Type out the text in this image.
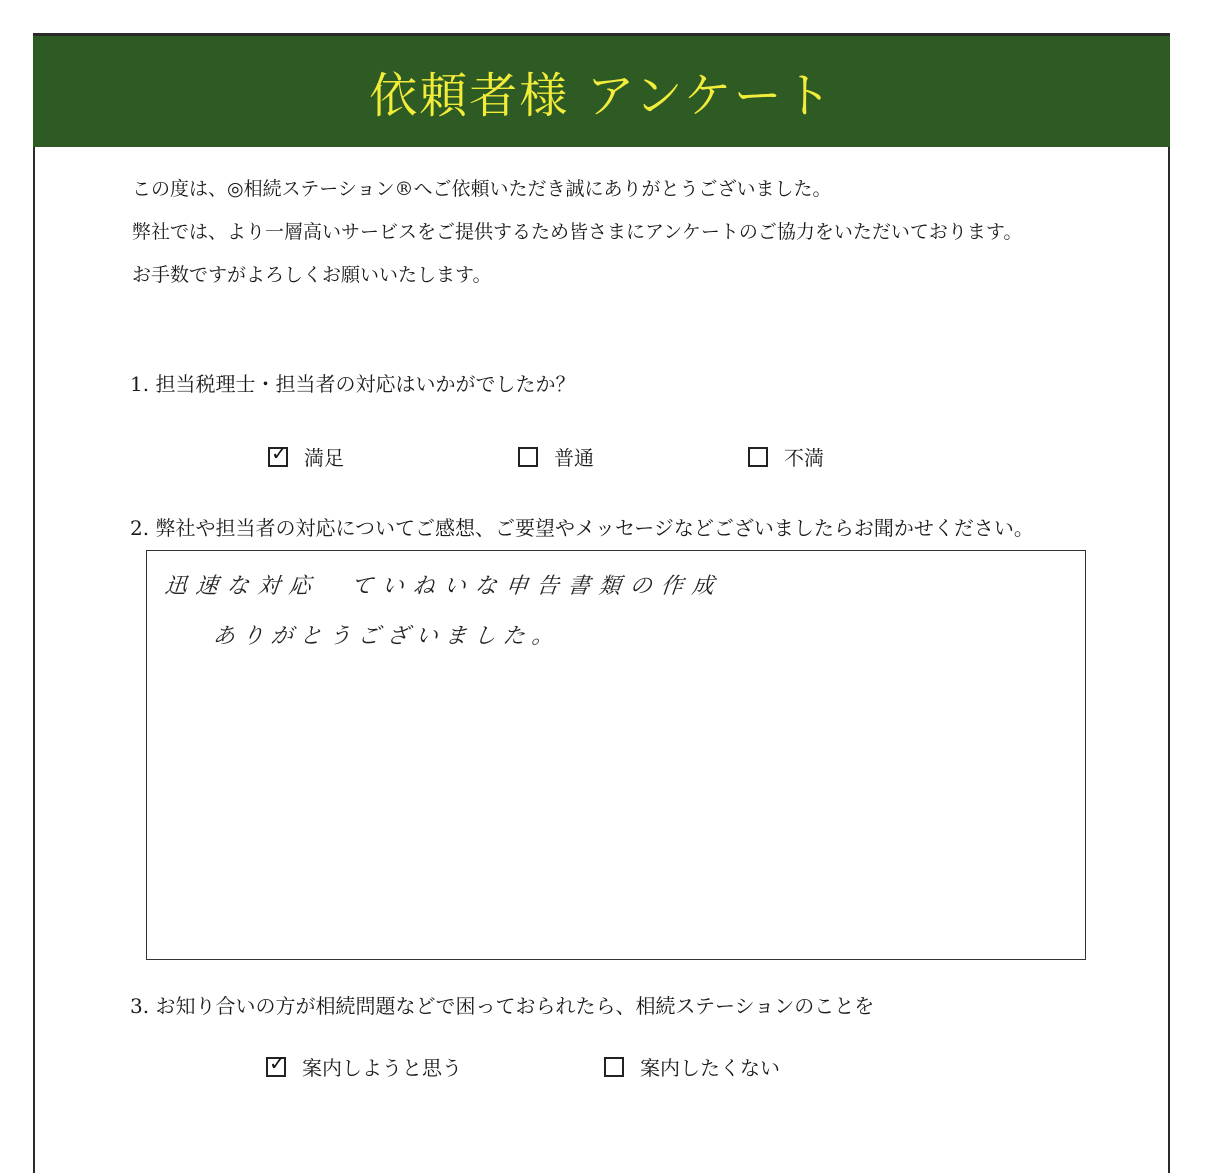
依頼者様 アンケート

この度は、◎相続ステーション®へご依頼いただき誠にありがとうございました。

弊社では、より一層高いサービスをご提供するため皆さまにアンケートのご協力をいただいております。

お手数ですがよろしくお願いいたします。

1. 担当税理士・担当者の対応はいかがでしたか？
✓ 満足	普通	不満
2. 弊社や担当者の対応についてご感想、ご要望やメッセージなどございましたらお聞かせください。
迅速な対応　ていねいな申告書類の作成
ありがとうございました。
3. お知り合いの方が相続問題などで困っておられたら、相続ステーションのことを
✓ 案内しようと思う	案内したくない
